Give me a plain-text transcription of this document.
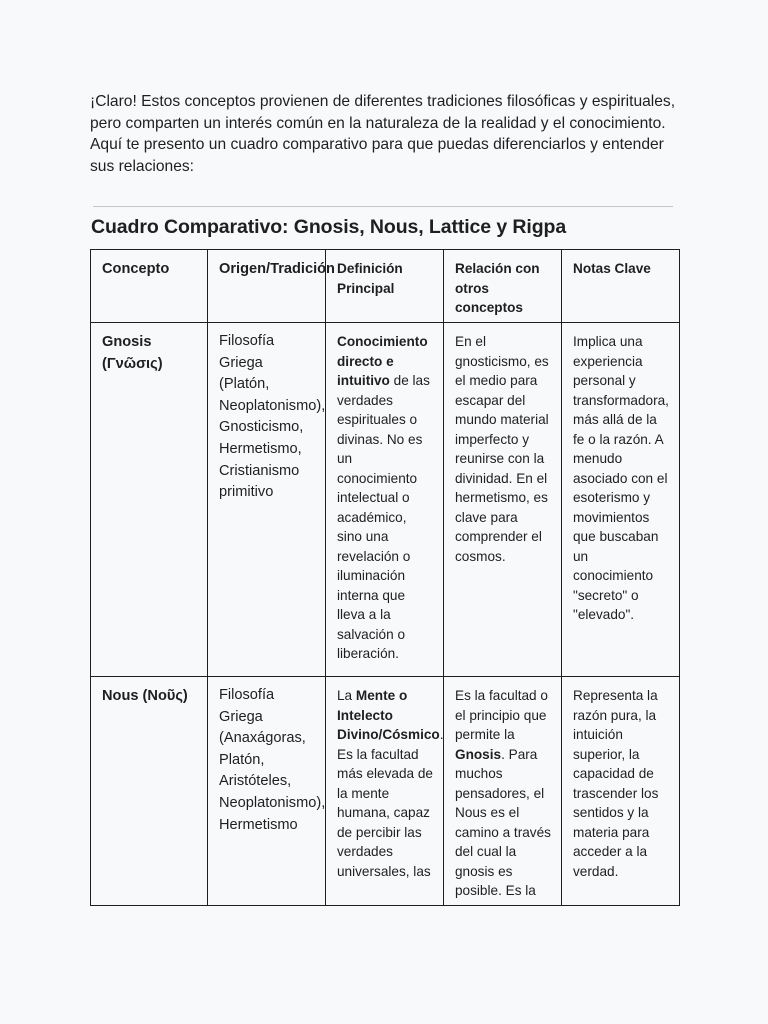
¡Claro! Estos conceptos provienen de diferentes tradiciones filosóficas y espirituales, pero comparten un interés común en la naturaleza de la realidad y el conocimiento. Aquí te presento un cuadro comparativo para que puedas diferenciarlos y entender sus relaciones:

Cuadro Comparativo: Gnosis, Nous, Lattice y Rigpa
Concepto	Origen/Tradición	Definición Principal	Relación con otros conceptos	Notas Clave
Gnosis (Γνῶσις)	Filosofía Griega (Platón, Neoplatonismo), Gnosticismo, Hermetismo, Cristianismo primitivo	Conocimiento directo e intuitivo de las verdades espirituales o divinas. No es un conocimiento intelectual o académico, sino una revelación o iluminación interna que lleva a la salvación o liberación.	En el gnosticismo, es el medio para escapar del mundo material imperfecto y reunirse con la divinidad. En el hermetismo, es clave para comprender el cosmos.	Implica una experiencia personal y transformadora, más allá de la fe o la razón. A menudo asociado con el esoterismo y movimientos que buscaban un conocimiento "secreto" o "elevado".
Nous (Νοῦς)	Filosofía Griega (Anaxágoras, Platón, Aristóteles, Neoplatonismo), Hermetismo	La Mente o Intelecto Divino/Cósmico. Es la facultad más elevada de la mente humana, capaz de percibir las verdades universales, las	Es la facultad o el principio que permite la Gnosis. Para muchos pensadores, el Nous es el camino a través del cual la gnosis es posible. Es la	Representa la razón pura, la intuición superior, la capacidad de trascender los sentidos y la materia para acceder a la verdad.
